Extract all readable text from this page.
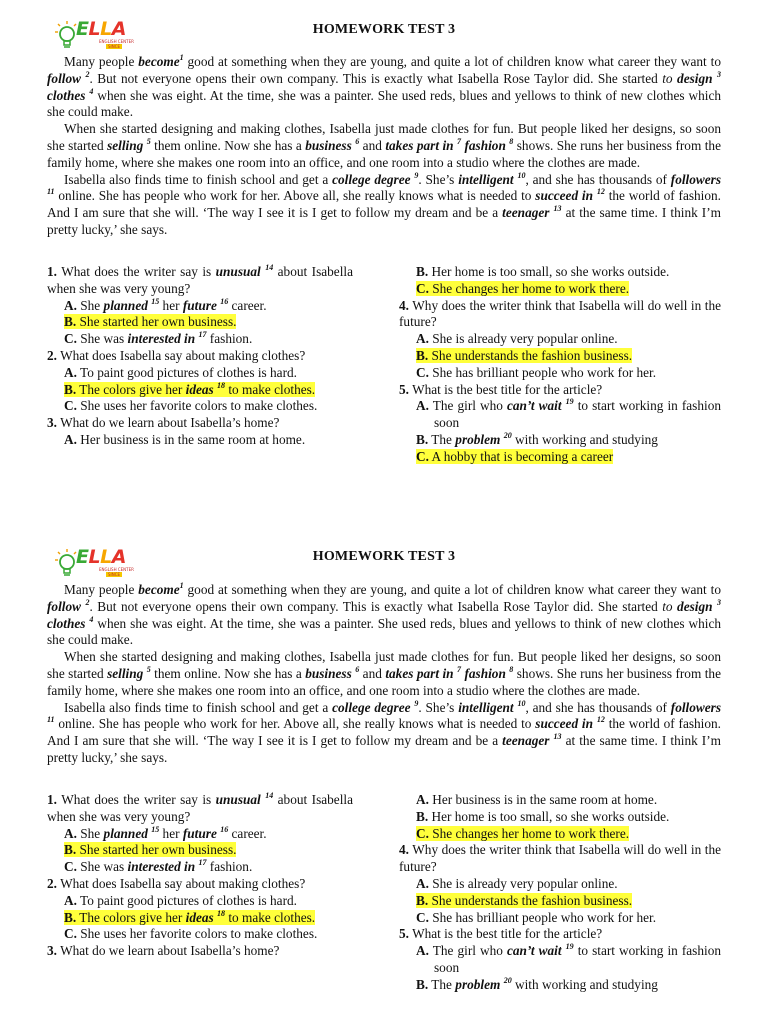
ELLA
ENGLISH CENTER
SINCE
HOMEWORK TEST 3

Many people become$^1$ good at something when they are young, and quite a lot of children know what career they want to follow $^2$. But not everyone opens their own company. This is exactly what Isabella Rose Taylor did. She started to design $^3$ clothes $^4$ when she was eight. At the time, she was a painter. She used reds, blues and yellows to think of new clothes which she could make.

When she started designing and making clothes, Isabella just made clothes for fun. But people liked her designs, so soon she started selling $^5$ them online. Now she has a business $^6$ and takes part in $^7$ fashion $^8$ shows. She runs her business from the family home, where she makes one room into an office, and one room into a studio where the clothes are made.

Isabella also finds time to finish school and get a college degree $^9$. She’s intelligent $^{10}$, and she has thousands of followers $^{11}$ online. She has people who work for her. Above all, she really knows what is needed to succeed in $^{12}$ the world of fashion. And I am sure that she will. ‘The way I see it is I get to follow my dream and be a teenager $^{13}$ at the same time. I think I’m pretty lucky,’ she says.

1. What does the writer say is unusual $^{14}$ about Isabella when she was very young?

A. She planned $^{15}$ her future $^{16}$ career.

B. She started her own business.

C. She was interested in $^{17}$ fashion.

2. What does Isabella say about making clothes?

A. To paint good pictures of clothes is hard.

B. The colors give her ideas $^{18}$ to make clothes.

C. She uses her favorite colors to make clothes.

3. What do we learn about Isabella’s home?

A. Her business is in the same room at home.

B. Her home is too small, so she works outside.

C. She changes her home to work there.

4. Why does the writer think that Isabella will do well in the future?

A. She is already very popular online.

B. She understands the fashion business.

C. She has brilliant people who work for her.

5. What is the best title for the article?

A. The girl who can’t wait $^{19}$ to start working in fashion soon

B. The problem $^{20}$ with working and studying

C. A hobby that is becoming a career

ELLA
ENGLISH CENTER
SINCE
HOMEWORK TEST 3

Many people become$^1$ good at something when they are young, and quite a lot of children know what career they want to follow $^2$. But not everyone opens their own company. This is exactly what Isabella Rose Taylor did. She started to design $^3$ clothes $^4$ when she was eight. At the time, she was a painter. She used reds, blues and yellows to think of new clothes which she could make.

When she started designing and making clothes, Isabella just made clothes for fun. But people liked her designs, so soon she started selling $^5$ them online. Now she has a business $^6$ and takes part in $^7$ fashion $^8$ shows. She runs her business from the family home, where she makes one room into an office, and one room into a studio where the clothes are made.

Isabella also finds time to finish school and get a college degree $^9$. She’s intelligent $^{10}$, and she has thousands of followers $^{11}$ online. She has people who work for her. Above all, she really knows what is needed to succeed in $^{12}$ the world of fashion. And I am sure that she will. ‘The way I see it is I get to follow my dream and be a teenager $^{13}$ at the same time. I think I’m pretty lucky,’ she says.

1. What does the writer say is unusual $^{14}$ about Isabella when she was very young?

A. She planned $^{15}$ her future $^{16}$ career.

B. She started her own business.

C. She was interested in $^{17}$ fashion.

2. What does Isabella say about making clothes?

A. To paint good pictures of clothes is hard.

B. The colors give her ideas $^{18}$ to make clothes.

C. She uses her favorite colors to make clothes.

3. What do we learn about Isabella’s home?

A. Her business is in the same room at home.

B. Her home is too small, so she works outside.

C. She changes her home to work there.

4. Why does the writer think that Isabella will do well in the future?

A. She is already very popular online.

B. She understands the fashion business.

C. She has brilliant people who work for her.

5. What is the best title for the article?

A. The girl who can’t wait $^{19}$ to start working in fashion soon

B. The problem $^{20}$ with working and studying
